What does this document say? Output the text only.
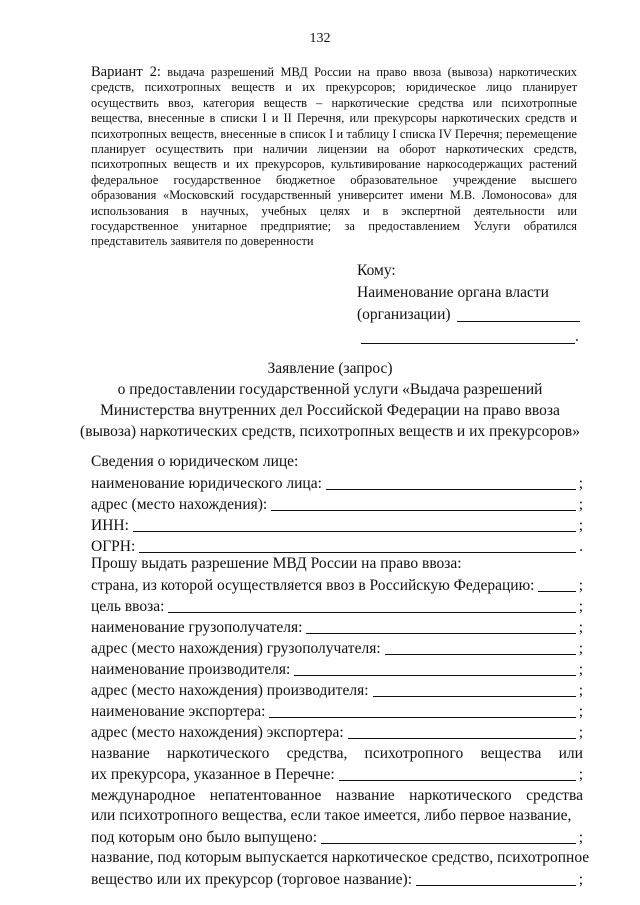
132
Вариант 2: выдача разрешений МВД России на право ввоза (вывоза) наркотических средств, психотропных веществ и их прекурсоров; юридическое лицо планирует осуществить ввоз, категория веществ – наркотические средства или психотропные вещества, внесенные в списки I и II Перечня, или прекурсоры наркотических средств и психотропных веществ, внесенные в список I и таблицу I списка IV Перечня; перемещение планирует осуществить при наличии лицензии на оборот наркотических средств, психотропных веществ и их прекурсоров, культивирование наркосодержащих растений федеральное государственное бюджетное образовательное учреждение высшего образования «Московский государственный университет имени М.В. Ломоносова» для использования в научных, учебных целях и в экспертной деятельности или государственное унитарное предприятие; за предоставлением Услуги обратился представитель заявителя по доверенности
Кому:
Наименование органа власти
(организации)
.
Заявление (запрос)
о предоставлении государственной услуги «Выдача разрешений
Министерства внутренних дел Российской Федерации на право ввоза
(вывоза) наркотических средств, психотропных веществ и их прекурсоров»
Сведения о юридическом лице:
наименование юридического лица:	;
адрес (место нахождения):	;
ИНН:	;
ОГРН:	.
Прошу выдать разрешение МВД России на право ввоза:
страна, из которой осуществляется ввоз в Российскую Федерацию:	;
цель ввоза:	;
наименование грузополучателя:	;
адрес (место нахождения) грузополучателя:	;
наименование производителя:	;
адрес (место нахождения) производителя:	;
наименование экспортера:	;
адрес (место нахождения) экспортера:	;
название наркотического средства, психотропного вещества или
их прекурсора, указанное в Перечне:	;
международное непатентованное название наркотического средства
или психотропного вещества, если такое имеется, либо первое название,
под которым оно было выпущено:	;
название, под которым выпускается наркотическое средство, психотропное
вещество или их прекурсор (торговое название):	;
